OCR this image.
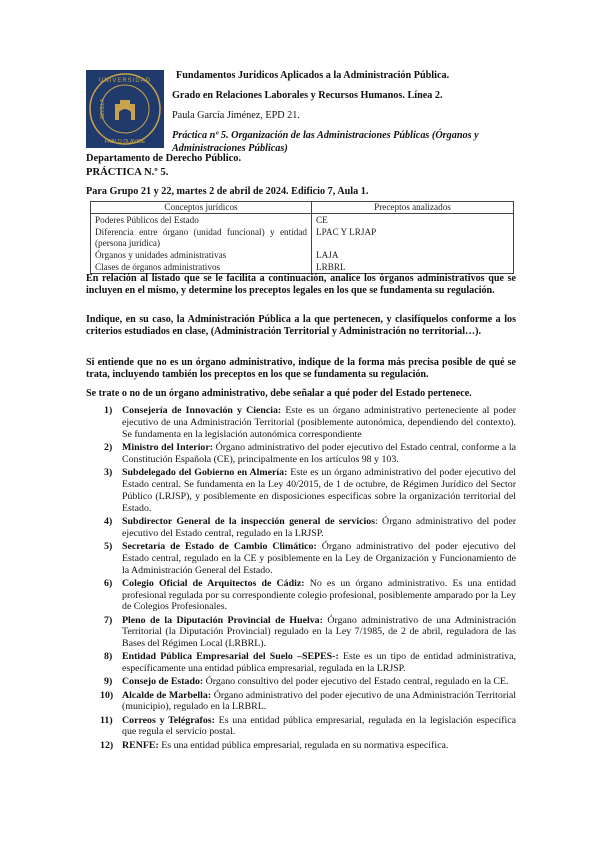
UNIVERSIDAD
PABLO OLAVIDE
SEVILLA
Fundamentos Jurídicos Aplicados a la Administración Pública.
Grado en Relaciones Laborales y Recursos Humanos. Línea 2.
Paula García Jiménez, EPD 21.
Práctica nº 5. Organización de las Administraciones Públicas (Órganos y Administraciones Públicas)
Departamento de Derecho Público.
PRÁCTICA N.º 5.
Para Grupo 21 y 22, martes 2 de abril de 2024. Edificio 7, Aula 1.
Conceptos jurídicos	Preceptos analizados
Poderes Públicos del Estado	CE
Diferencia entre órgano (unidad funcional) y entidad (persona jurídica)	LPAC Y LRJAP
Órganos y unidades administrativas	LAJA
Clases de órganos administrativos	LRBRL
En relación al listado que se le facilita a continuación, analice los órganos administrativos que se incluyen en el mismo, y determine los preceptos legales en los que se fundamenta su regulación.
Indique, en su caso, la Administración Pública a la que pertenecen, y clasifíquelos conforme a los criterios estudiados en clase, (Administración Territorial y Administración no territorial…).
Si entiende que no es un órgano administrativo, indique de la forma más precisa posible de qué se trata, incluyendo también los preceptos en los que se fundamenta su regulación.
Se trate o no de un órgano administrativo, debe señalar a qué poder del Estado pertenece.
1) Consejería de Innovación y Ciencia: Este es un órgano administrativo perteneciente al poder ejecutivo de una Administración Territorial (posiblemente autonómica, dependiendo del contexto). Se fundamenta en la legislación autonómica correspondiente
2) Ministro del Interior: Órgano administrativo del poder ejecutivo del Estado central, conforme a la Constitución Española (CE), principalmente en los artículos 98 y 103.
3) Subdelegado del Gobierno en Almería: Este es un órgano administrativo del poder ejecutivo del Estado central. Se fundamenta en la Ley 40/2015, de 1 de octubre, de Régimen Jurídico del Sector Público (LRJSP), y posiblemente en disposiciones específicas sobre la organización territorial del Estado.
4) Subdirector General de la inspección general de servicios: Órgano administrativo del poder ejecutivo del Estado central, regulado en la LRJSP.
5) Secretaría de Estado de Cambio Climático: Órgano administrativo del poder ejecutivo del Estado central, regulado en la CE y posiblemente en la Ley de Organización y Funcionamiento de la Administración General del Estado.
6) Colegio Oficial de Arquitectos de Cádiz: No es un órgano administrativo. Es una entidad profesional regulada por su correspondiente colegio profesional, posiblemente amparado por la Ley de Colegios Profesionales.
7) Pleno de la Diputación Provincial de Huelva: Órgano administrativo de una Administración Territorial (la Diputación Provincial) regulado en la Ley 7/1985, de 2 de abril, reguladora de las Bases del Régimen Local (LRBRL).
8) Entidad Pública Empresarial del Suelo –SEPES-: Este es un tipo de entidad administrativa, específicamente una entidad pública empresarial, regulada en la LRJSP.
9) Consejo de Estado: Órgano consultivo del poder ejecutivo del Estado central, regulado en la CE.
10) Alcalde de Marbella: Órgano administrativo del poder ejecutivo de una Administración Territorial (municipio), regulado en la LRBRL.
11) Correos y Telégrafos: Es una entidad pública empresarial, regulada en la legislación específica que regula el servicio postal.
12) RENFE: Es una entidad pública empresarial, regulada en su normativa específica.
